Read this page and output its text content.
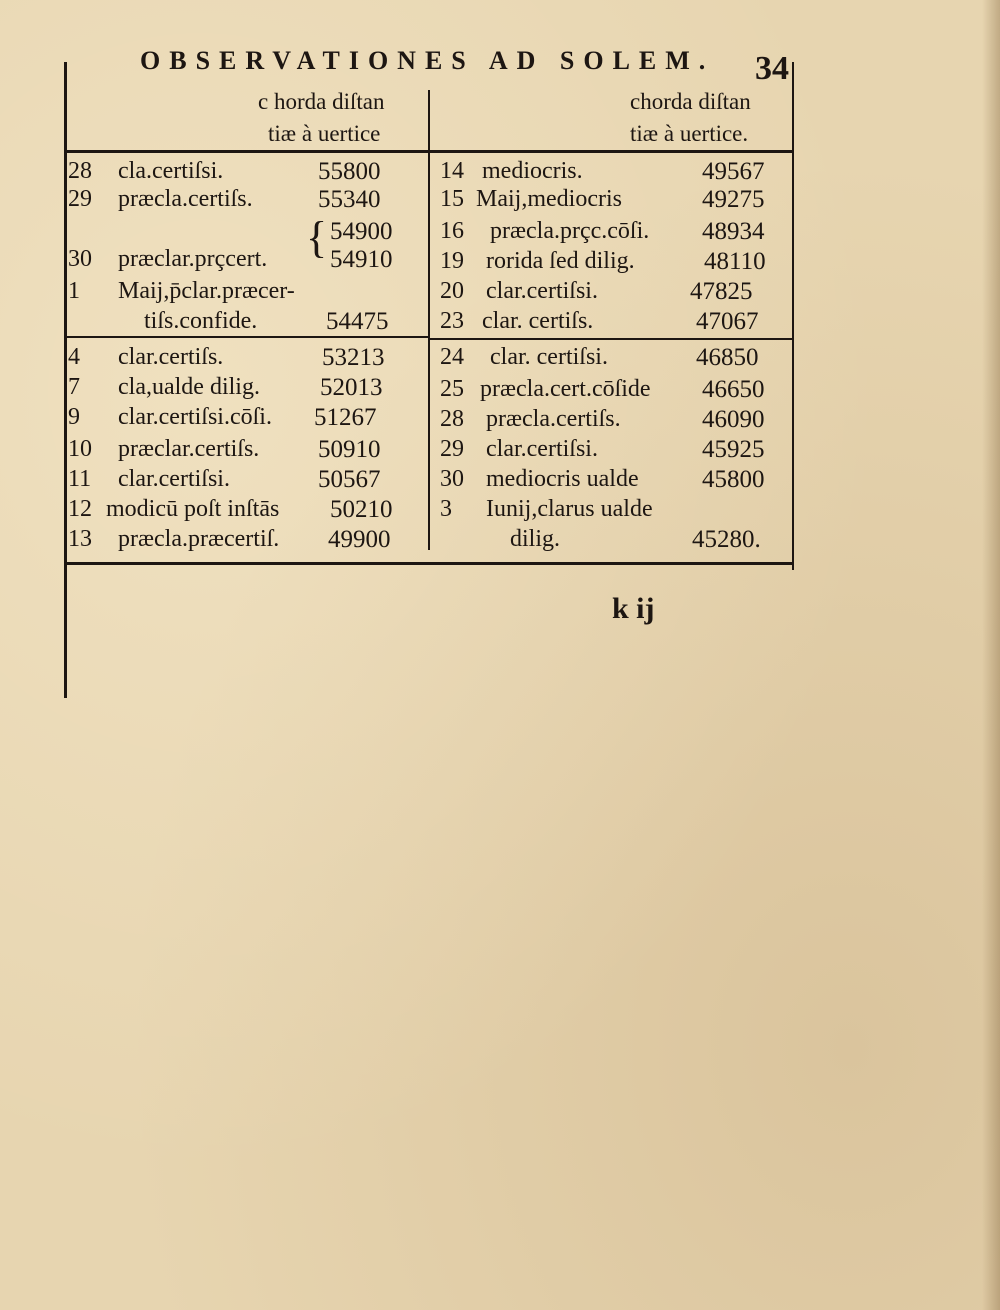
OBSERVATIONES AD SOLEM.	34
c horda diſtan
tiæ à uertice
chorda diſtan
tiæ à uertice.
28	cla.certiſsi.	55800
29	præcla.certiſs.	55340
{ 54900
30	præclar.prçcert.	54910
1	Maij,p̄clar.præcer-
tiſs.confide.	54475
4	clar.certiſs.	53213
7	cla,ualde dilig. 52013
9	clar.certiſsi.cōſi. 51267
10	præclar.certiſs. 50910
11	clar.certiſsi.	50567
12 modicū poſt inſtās 50210
13	præcla.præcertiſ. 49900
14 mediocris.	49567
15 Maij,mediocris	49275
16	præcla.prçc.cōſi. 48934
19 rorida ſed dilig.	48110
20 clar.certiſsi.	47825
23 clar. certiſs.	47067
24	clar. certiſsi.	46850
25 præcla.cert.cōſide 46650
28 præcla.certiſs.	46090
29 clar.certiſsi.	45925
30 mediocris ualde	45800
3	Iunij,clarus ualde
dilig.	45280.
k ij
